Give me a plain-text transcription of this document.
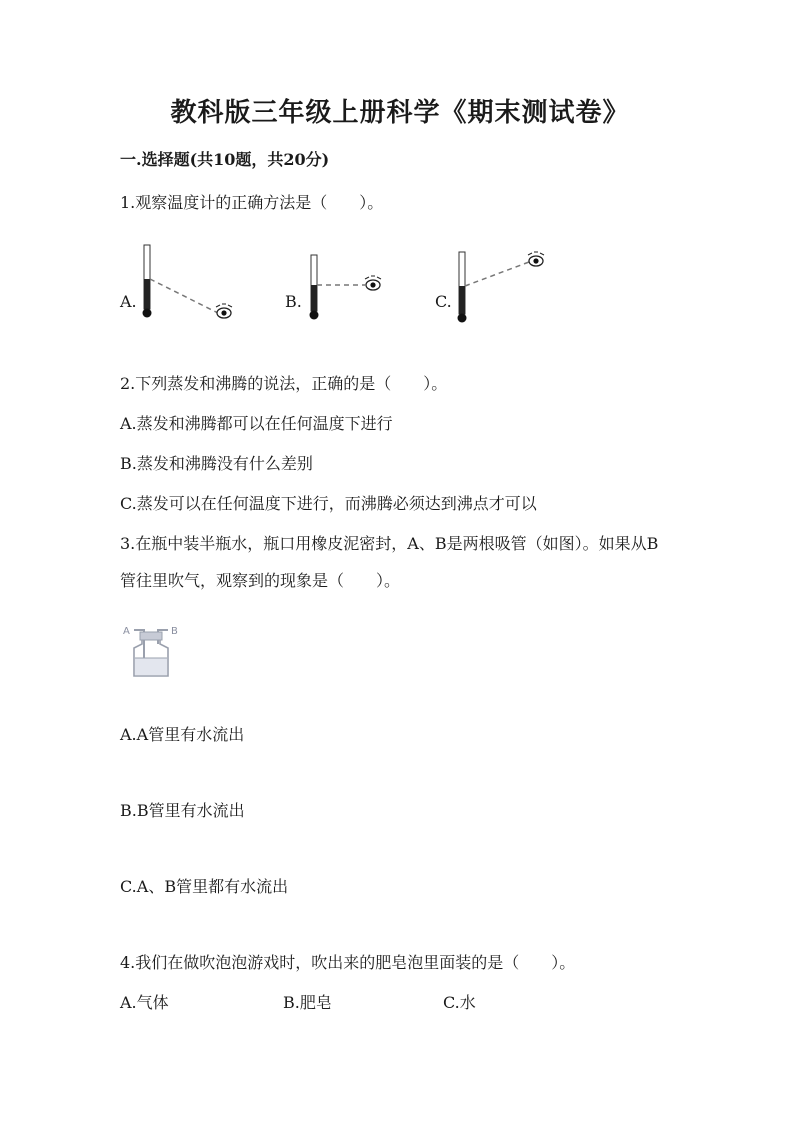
教科版三年级上册科学《期末测试卷》
一.选择题(共10题，共20分)
1.观察温度计的正确方法是（　　）。
A.	B.	C.
2.下列蒸发和沸腾的说法，正确的是（　　）。
A.蒸发和沸腾都可以在任何温度下进行
B.蒸发和沸腾没有什么差别
C.蒸发可以在任何温度下进行，而沸腾必须达到沸点才可以
3.在瓶中装半瓶水，瓶口用橡皮泥密封，A、B是两根吸管（如图）。如果从B
管往里吹气，观察到的现象是（　　）。
A	B
A.A管里有水流出
B.B管里有水流出
C.A、B管里都有水流出
4.我们在做吹泡泡游戏时，吹出来的肥皂泡里面装的是（　　）。
A.气体	B.肥皂	C.水
